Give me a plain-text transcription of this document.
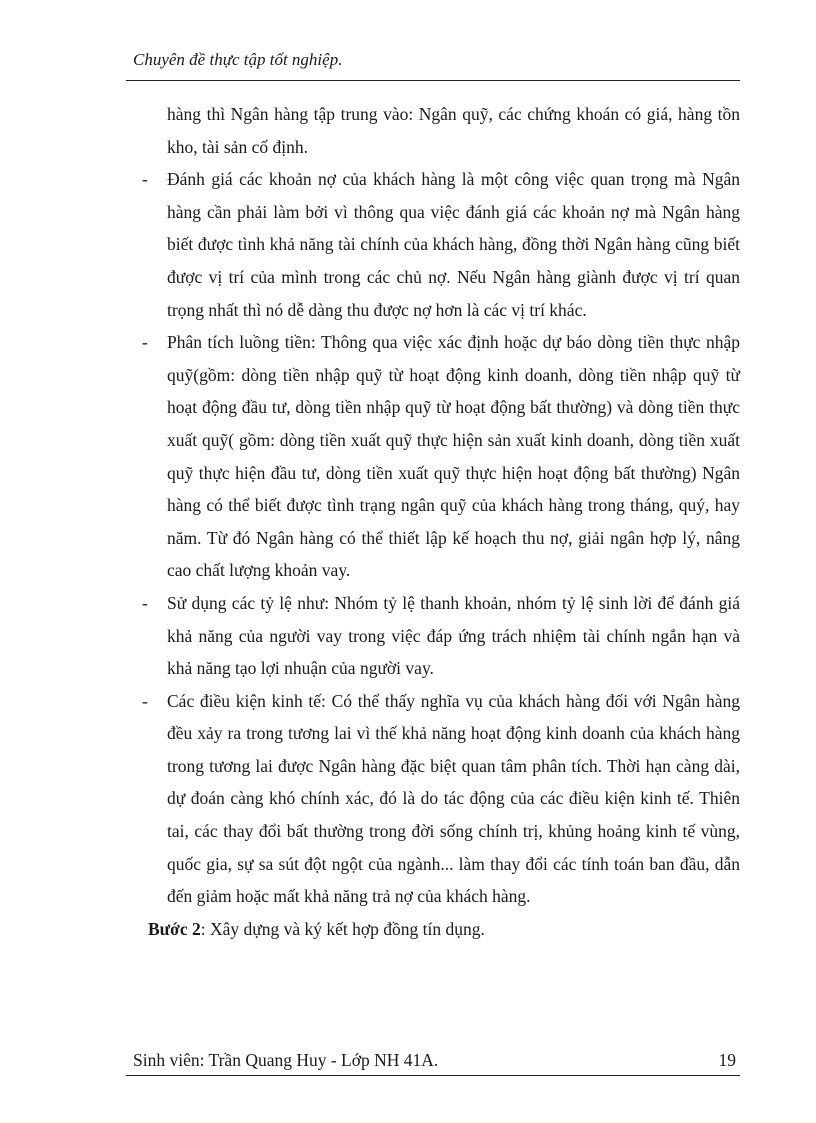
Chuyên đề thực tập tốt nghiệp.
hàng thì Ngân hàng tập trung vào: Ngân quỹ, các chứng khoán có giá, hàng tồn kho, tài sản cố định.
- Đánh giá các khoản nợ của khách hàng là một công việc quan trọng mà Ngân hàng cần phải làm bởi vì thông qua việc đánh giá các khoản nợ mà Ngân hàng biết được tình khả năng tài chính của khách hàng, đồng thời Ngân hàng cũng biết được vị trí của mình trong các chủ nợ. Nếu Ngân hàng giành được vị trí quan trọng nhất thì nó dễ dàng thu được nợ hơn là các vị trí khác.
- Phân tích luồng tiền: Thông qua việc xác định hoặc dự báo dòng tiền thực nhập quỹ(gồm: dòng tiền nhập quỹ từ hoạt động kinh doanh, dòng tiền nhập quỹ từ hoạt động đầu tư, dòng tiền nhập quỹ từ hoạt động bất thường) và dòng tiền thực xuất quỹ( gồm: dòng tiền xuất quỹ thực hiện sản xuất kinh doanh, dòng tiền xuất quỹ thực hiện đầu tư, dòng tiền xuất quỹ thực hiện hoạt động bất thường) Ngân hàng có thể biết được tình trạng ngân quỹ của khách hàng trong tháng, quý, hay năm. Từ đó Ngân hàng có thể thiết lập kế hoạch thu nợ, giải ngân hợp lý, nâng cao chất lượng khoản vay.
- Sử dụng các tỷ lệ như: Nhóm tỷ lệ thanh khoản, nhóm tỷ lệ sinh lời để đánh giá khả năng của người vay trong việc đáp ứng trách nhiệm tài chính ngắn hạn và khả năng tạo lợi nhuận của người vay.
- Các điều kiện kinh tế: Có thể thấy nghĩa vụ của khách hàng đối với Ngân hàng đều xảy ra trong tương lai vì thế khả năng hoạt động kinh doanh của khách hàng trong tương lai được Ngân hàng đặc biệt quan tâm phân tích. Thời hạn càng dài, dự đoán càng khó chính xác, đó là do tác động của các điều kiện kinh tế. Thiên tai, các thay đổi bất thường trong đời sống chính trị, khủng hoảng kinh tế vùng, quốc gia, sự sa sút đột ngột của ngành... làm thay đổi các tính toán ban đầu, dẫn đến giảm hoặc mất khả năng trả nợ của khách hàng.
Bước 2: Xây dựng và ký kết hợp đồng tín dụng.
Sinh viên: Trần Quang Huy - Lớp NH 41A.	19
